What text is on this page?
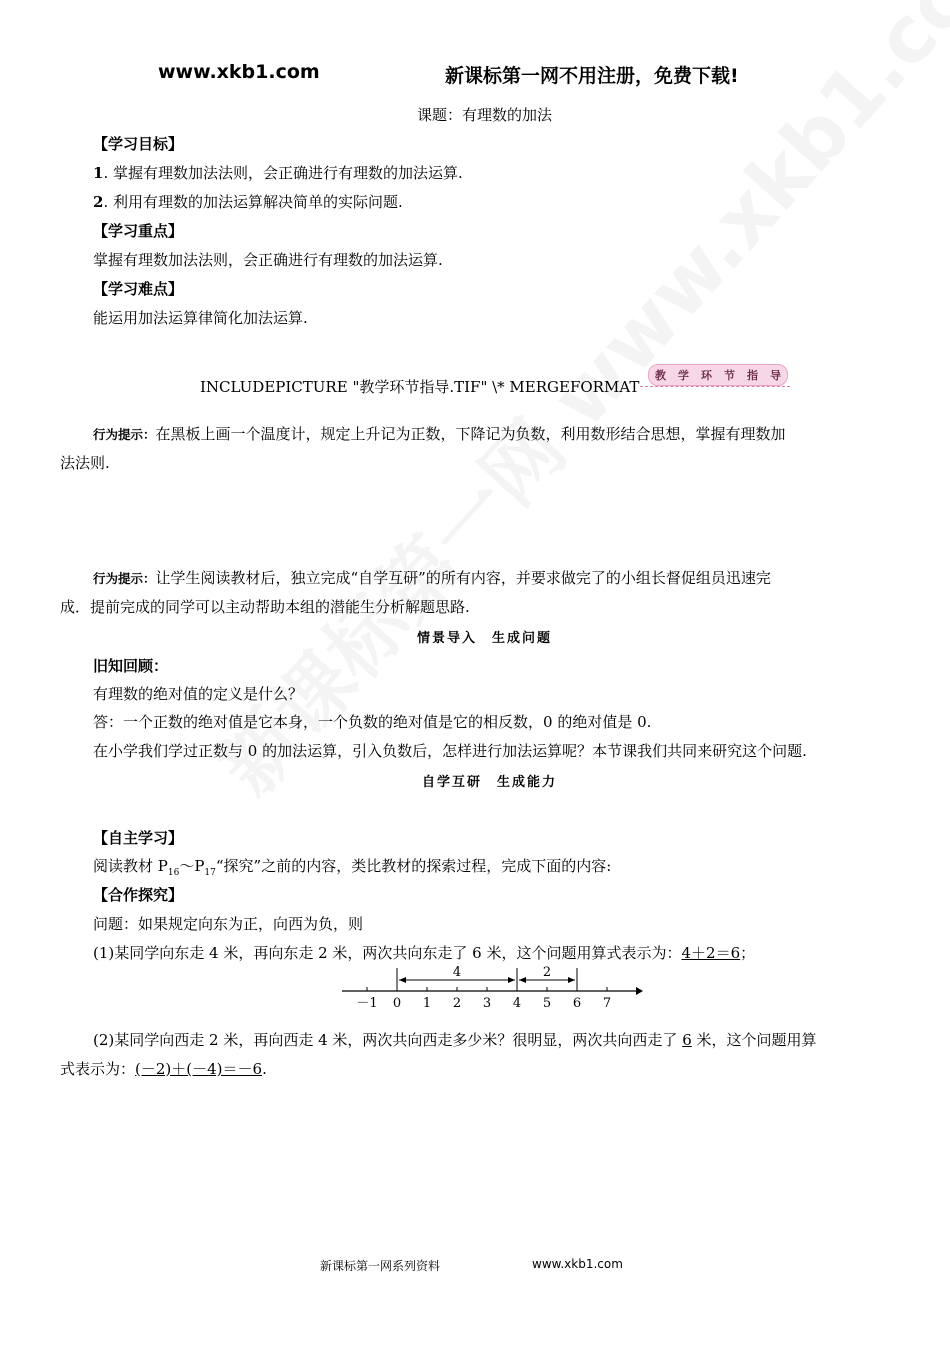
www.xkb1.com	新课标第一网不用注册，免费下载!
课题：有理数的加法
【学习目标】
1. 掌握有理数加法法则，会正确进行有理数的加法运算.
2. 利用有理数的加法运算解决简单的实际问题.
【学习重点】
掌握有理数加法法则，会正确进行有理数的加法运算.
【学习难点】
能运用加法运算律简化加法运算.
INCLUDEPICTURE "教学环节指导.TIF" \* MERGEFORMAT
教 学 环 节 指 导
行为提示：在黑板上画一个温度计，规定上升记为正数，下降记为负数，利用数形结合思想，掌握有理数加
法法则.
行为提示：让学生阅读教材后，独立完成“自学互研”的所有内容，并要求做完了的小组长督促组员迅速完
成．提前完成的同学可以主动帮助本组的潜能生分析解题思路.
情景导入　生成问题
旧知回顾：
有理数的绝对值的定义是什么？
答：一个正数的绝对值是它本身，一个负数的绝对值是它的相反数，0 的绝对值是 0.
在小学我们学过正数与 0 的加法运算，引入负数后，怎样进行加法运算呢？本节课我们共同来研究这个问题.
自学互研　生成能力
【自主学习】
阅读教材 $P_{16}\sim P_{17}“$探究”之前的内容，类比教材的探索过程，完成下面的内容:
【合作探究】
问题：如果规定向东为正，向西为负，则
(1)某同学向东走 4 米，再向东走 2 米，两次共向东走了 6 米，这个问题用算式表示为：4＋2＝6；
－1 0 1 2 3 4 5 6 7
4	2
(2)某同学向西走 2 米，再向西走 4 米，两次共向西走多少米？很明显，两次共向西走了 6 米，这个问题用算
式表示为：(－2)＋(－4)＝－6.
新课标第一网系列资料	www.xkb1.com
